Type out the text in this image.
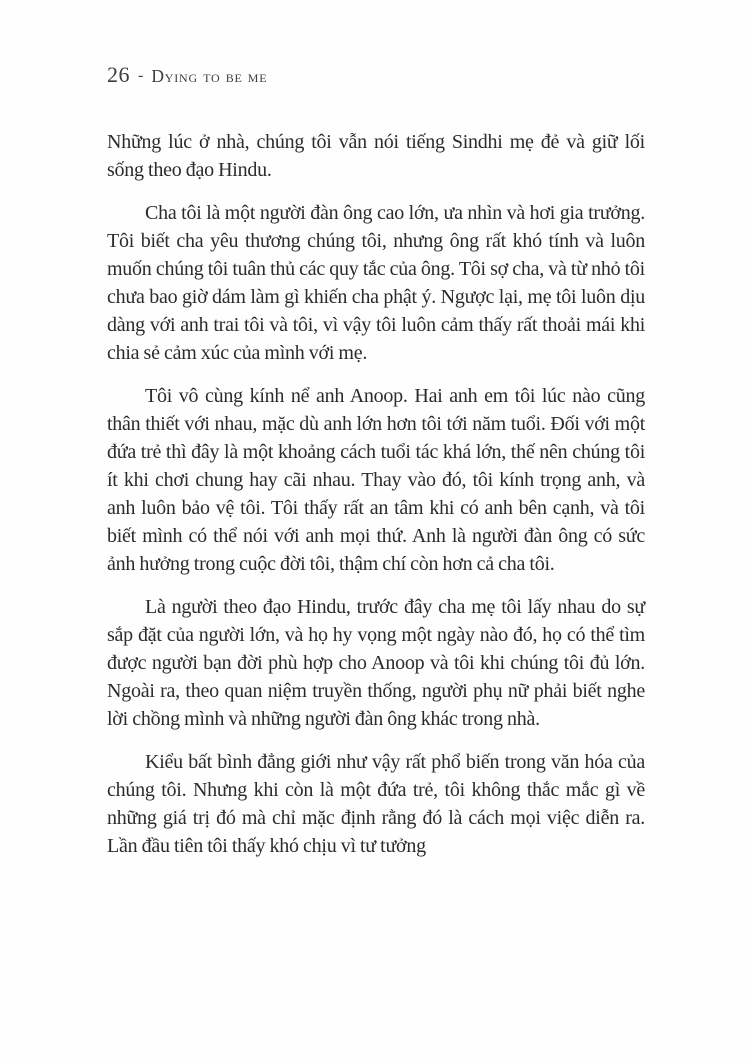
26 - Dying to be me

Những lúc ở nhà, chúng tôi vẫn nói tiếng Sindhi mẹ đẻ và giữ lối sống theo đạo Hindu.

Cha tôi là một người đàn ông cao lớn, ưa nhìn và hơi gia trưởng. Tôi biết cha yêu thương chúng tôi, nhưng ông rất khó tính và luôn muốn chúng tôi tuân thủ các quy tắc của ông. Tôi sợ cha, và từ nhỏ tôi chưa bao giờ dám làm gì khiến cha phật ý. Ngược lại, mẹ tôi luôn dịu dàng với anh trai tôi và tôi, vì vậy tôi luôn cảm thấy rất thoải mái khi chia sẻ cảm xúc của mình với mẹ.

Tôi vô cùng kính nể anh Anoop. Hai anh em tôi lúc nào cũng thân thiết với nhau, mặc dù anh lớn hơn tôi tới năm tuổi. Đối với một đứa trẻ thì đây là một khoảng cách tuổi tác khá lớn, thế nên chúng tôi ít khi chơi chung hay cãi nhau. Thay vào đó, tôi kính trọng anh, và anh luôn bảo vệ tôi. Tôi thấy rất an tâm khi có anh bên cạnh, và tôi biết mình có thể nói với anh mọi thứ. Anh là người đàn ông có sức ảnh hưởng trong cuộc đời tôi, thậm chí còn hơn cả cha tôi.

Là người theo đạo Hindu, trước đây cha mẹ tôi lấy nhau do sự sắp đặt của người lớn, và họ hy vọng một ngày nào đó, họ có thể tìm được người bạn đời phù hợp cho Anoop và tôi khi chúng tôi đủ lớn. Ngoài ra, theo quan niệm truyền thống, người phụ nữ phải biết nghe lời chồng mình và những người đàn ông khác trong nhà.

Kiểu bất bình đẳng giới như vậy rất phổ biến trong văn hóa của chúng tôi. Nhưng khi còn là một đứa trẻ, tôi không thắc mắc gì về những giá trị đó mà chỉ mặc định rằng đó là cách mọi việc diễn ra. Lần đầu tiên tôi thấy khó chịu vì tư tưởng
